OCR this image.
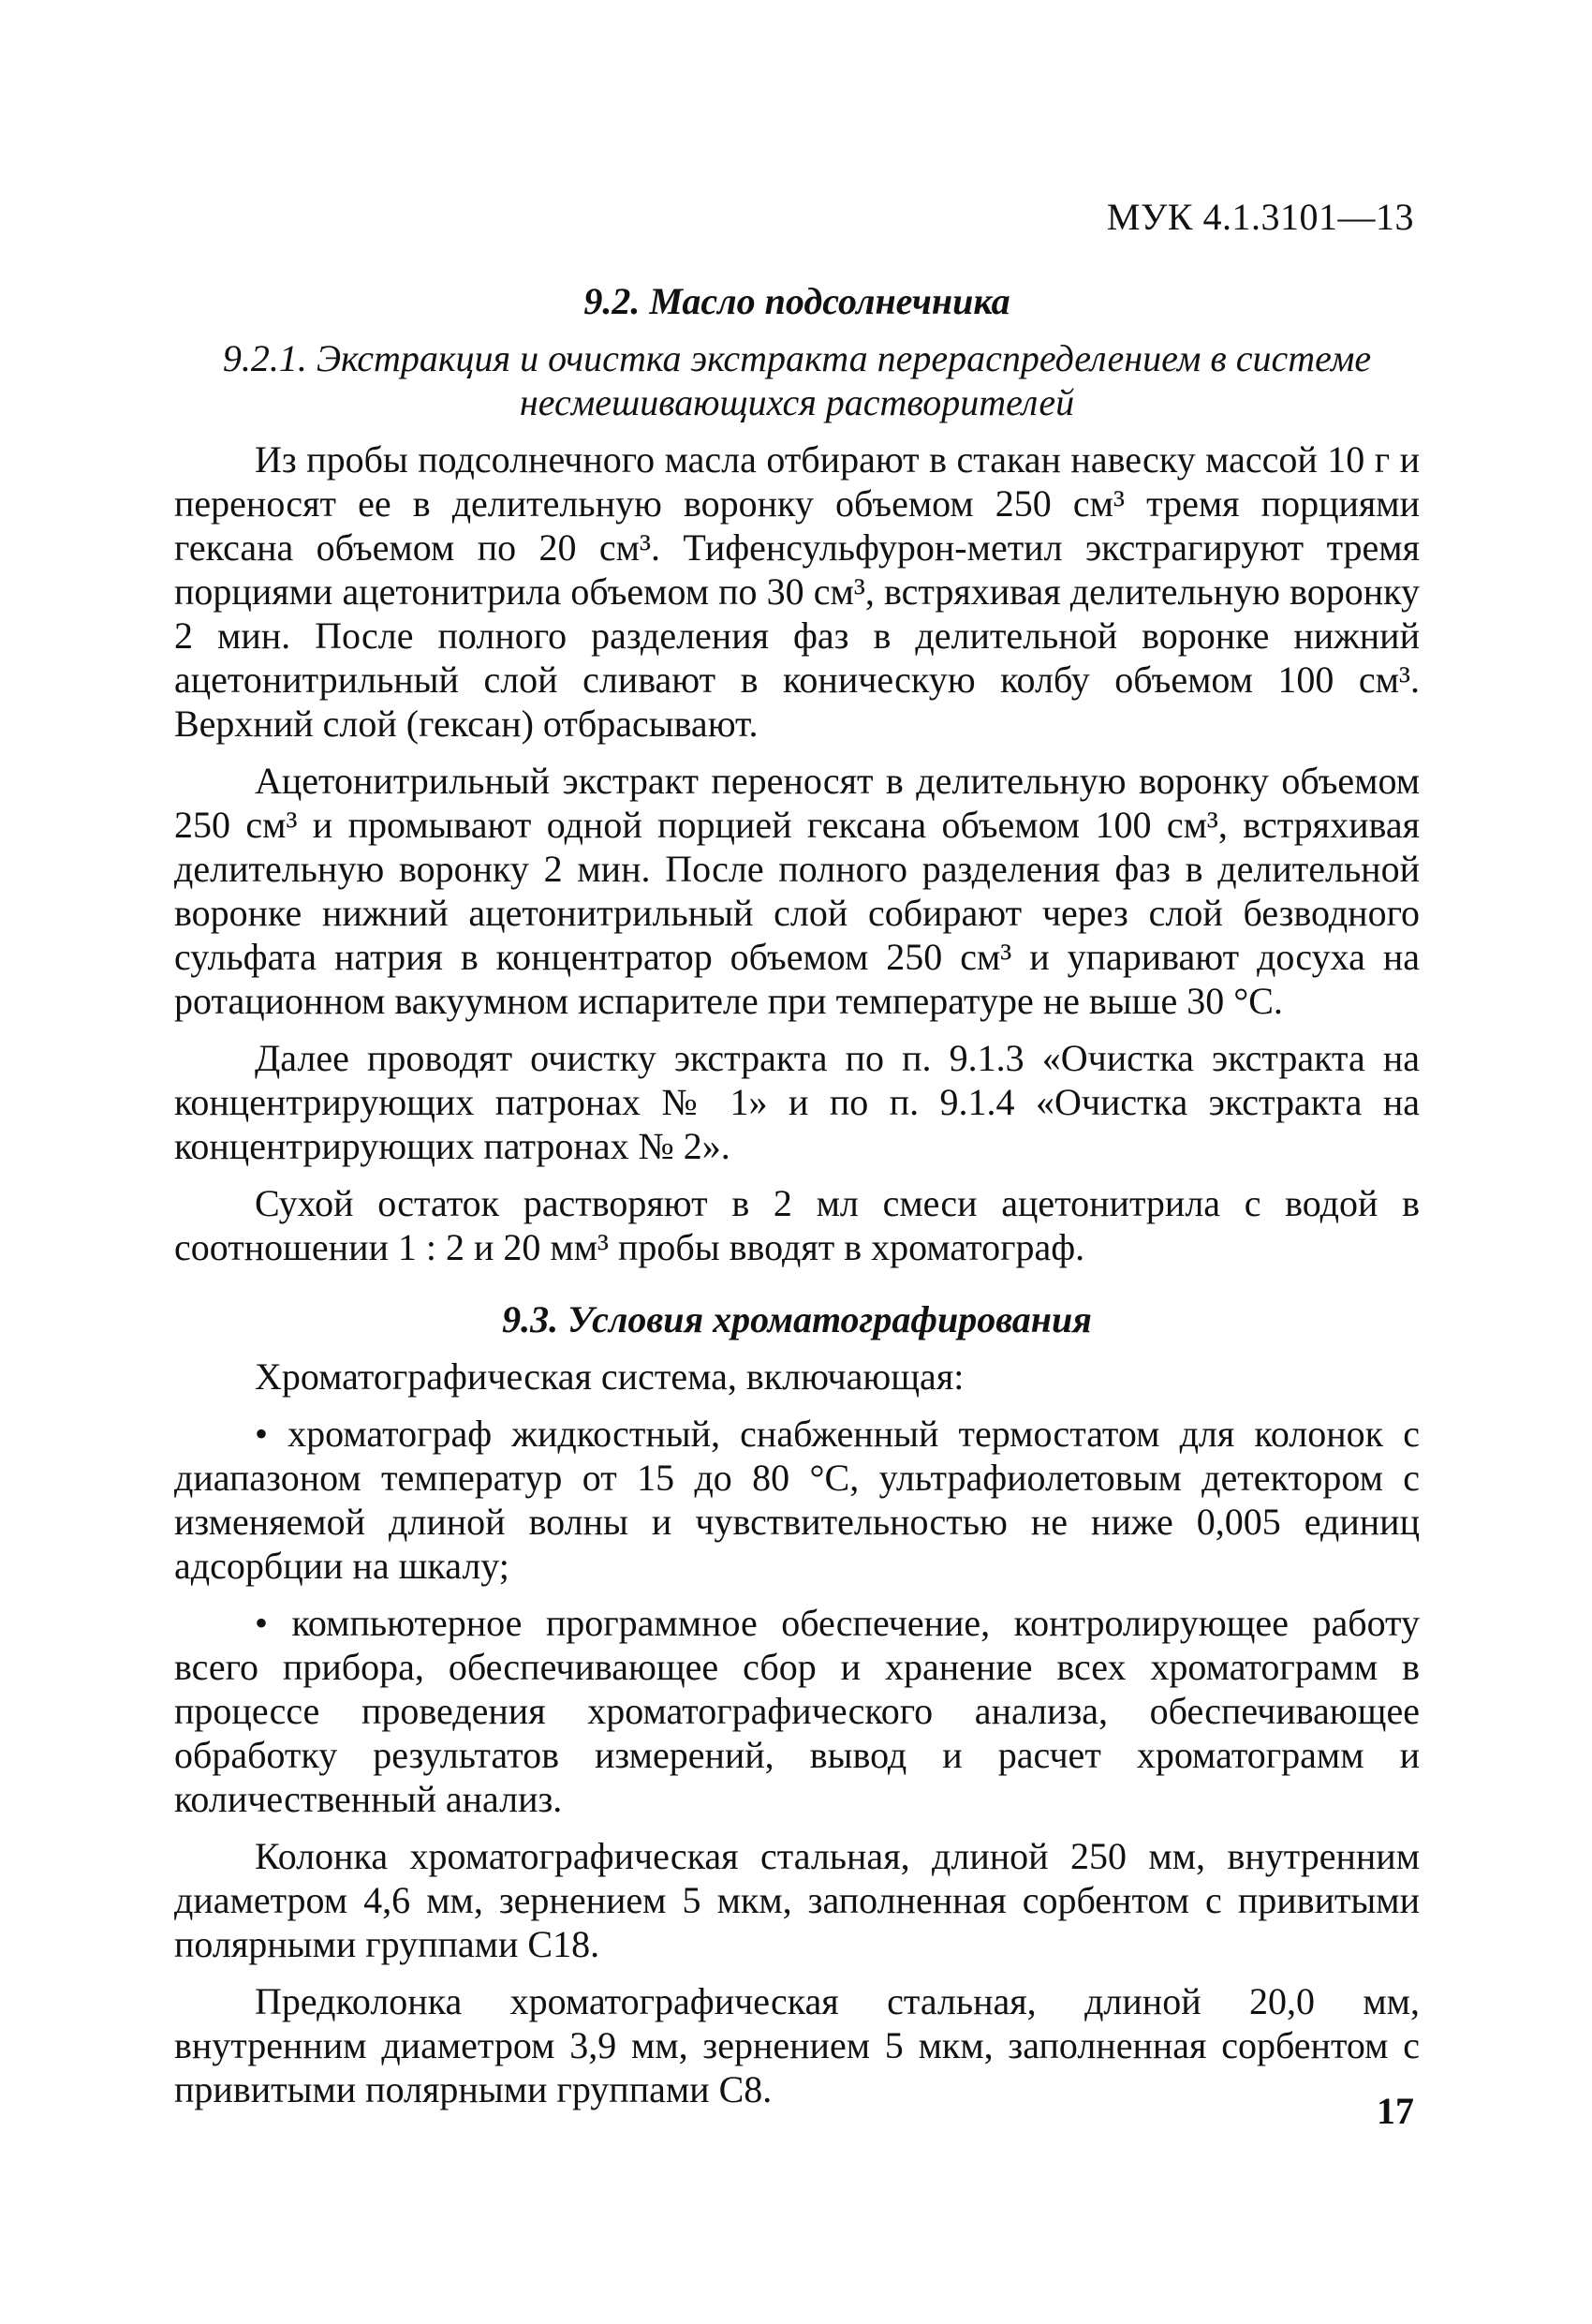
МУК 4.1.3101—13
9.2. Масло подсолнечника
9.2.1. Экстракция и очистка экстракта перераспределением в системе
несмешивающихся растворителей

Из пробы подсолнечного масла отбирают в стакан навеску массой 10 г и переносят ее в делительную воронку объемом 250 см³ тремя порциями гексана объемом по 20 см³. Тифенсульфурон-метил экстрагируют тремя порциями ацетонитрила объемом по 30 см³, встряхивая делительную воронку 2 мин. После полного разделения фаз в делительной воронке нижний ацетонитрильный слой сливают в коническую колбу объемом 100 см³. Верхний слой (гексан) отбрасывают.

Ацетонитрильный экстракт переносят в делительную воронку объемом 250 см³ и промывают одной порцией гексана объемом 100 см³, встряхивая делительную воронку 2 мин. После полного разделения фаз в делительной воронке нижний ацетонитрильный слой собирают через слой безводного сульфата натрия в концентратор объемом 250 см³ и упаривают досуха на ротационном вакуумном испарителе при температуре не выше 30 °С.

Далее проводят очистку экстракта по п. 9.1.3 «Очистка экстракта на концентрирующих патронах № 1» и по п. 9.1.4 «Очистка экстракта на концентрирующих патронах № 2».

Сухой остаток растворяют в 2 мл смеси ацетонитрила с водой в соотношении 1 : 2 и 20 мм³ пробы вводят в хроматограф.

9.3. Условия хроматографирования

Хроматографическая система, включающая:

• хроматограф жидкостный, снабженный термостатом для колонок с диапазоном температур от 15 до 80 °С, ультрафиолетовым детектором с изменяемой длиной волны и чувствительностью не ниже 0,005 единиц адсорбции на шкалу;

• компьютерное программное обеспечение, контролирующее работу всего прибора, обеспечивающее сбор и хранение всех хроматограмм в процессе проведения хроматографического анализа, обеспечивающее обработку результатов измерений, вывод и расчет хроматограмм и количественный анализ.

Колонка хроматографическая стальная, длиной 250 мм, внутренним диаметром 4,6 мм, зернением 5 мкм, заполненная сорбентом с привитыми полярными группами С18.

Предколонка хроматографическая стальная, длиной 20,0 мм, внутренним диаметром 3,9 мм, зернением 5 мкм, заполненная сорбентом с привитыми полярными группами С8.

17
